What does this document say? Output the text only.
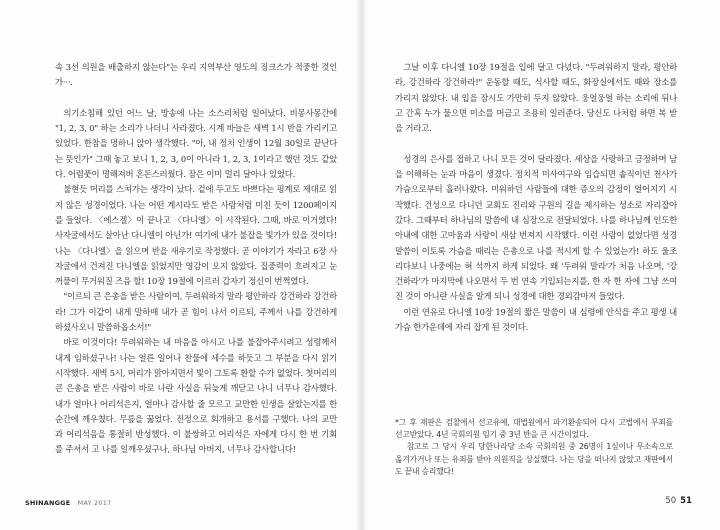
속 3선 의원을 배출하지 않는다"는 우리 지역부산 영도의 징크스가 적중한 것인가···.

의기소침해 있던 어느 날, 방송에 나는 소스리처럼 일어났다. 비몽사몽간에 "1, 2, 3, 0" 하는 소리가 나더니 사라졌다. 시계 바늘은 새벽 1시 반을 가리키고 있었다. 한참을 멍하니 앉아 생각했다. "아, 내 정치 인생이 12월 30일로 끝난다는 뜻인가" 그때 놓고 보니 1, 2, 3, 0이 아니라 1, 2, 3, 1이라고 했던 것도 같았다. 어렴풋이 명해져버 혼돈스러웠다. 잠은 이미 멀리 달아나 있었다.

불현듯 머리를 스쳐가는 생각이 났다. 겉에 두고도 바쁘다는 핑계로 제대로 읽지 않은 성경이었다. 나는 어떤 계시라도 받은 사람처럼 미친 듯이 1200페이지를 들었다. 〈에스겔〉이 끝나고 〈다니엘〉이 시작된다. 그때, 바로 이거였다! 사자굴에서도 살아난 다니엘이 아닌가! 여기에 내가 불잡을 빛가가 있을 것이다! 나는 〈다니엘〉을 읽으며 반을 새우기로 작정했다. 곧 이야기가 자라고 6장 사자굴에서 건져진 다니엘을 읽었지만 영감이 오지 않았다. 집중력이 흐려지고 눈꺼풀이 무거워질 즈음 할! 10장 19절에 이르러 갑자기 정신이 번쩍였다.

"이르되 큰 은총을 받은 사람이여, 두려워하지 말라 평안하라 강건하라 강건하라! 그가 이같이 내게 말하매 내가 곧 힘이 나서 이르되, 주께서 나를 강건하게 하셨사오니 말씀하옵소서!"

바로 이것이다! 두려워하는 내 마음을 아시고 나를 불잡아주시려고 성령께서 내게 임하셨구나! 나는 얼른 일어나 찬물에 세수를 하듯고 그 부분을 다시 읽기 시작했다. 새벽 5시, 머리가 맑아지면서 빛이 그토록 환할 수가 없었다. 첫머리의 큰 은총을 받은 사람이 바로 나란 사실을 뒤늦게 깨닫고 나니 너무나 감사했다. 내가 얼마나 어리석은지, 얼마나 감사할 줄 모르고 교만한 인생을 살았는지를 한순간에 깨우쳤다. 무릎을 꿇었다. 진정으로 회개하고 용서를 구했다. 나의 교만과 어리석음을 통절히 반성했다. 이 불쌍하고 어리석은 자에게 다시 한 번 기회를 주셔서 고 나를 일깨우셨구나, 하나님 아버지, 너무나 감사합니다!

SHINANGGE MAY 2017

그날 이후 다니엘 10장 19절을 입에 달고 다녔다. "두려워하지 말라, 평안하라, 강건하라 강건하라!" 운동할 때도, 식사할 때도, 화장실에서도 때와 장소를 가리지 않았다. 내 입을 잠시도 가만히 두지 않았다. 웅얼웅얼 하는 소리에 뒤나고 간혹 누가 물으면 미소를 머금고 조용히 일러준다. 당신도 나처럼 하면 복 받을 거라고.

성경의 은사를 접하고 나니 모든 것이 달라졌다. 세상을 사랑하고 긍정하며 남을 이해하는 눈과 마음이 생겼다. 정치적 미사여구와 임습되면 솥직이던 천사가 가슴으로부터 흘러나왔다. 미워하던 사람들에 대한 증오의 감정이 얼어지기 시작했다. 건성으로 다니던 교회도 진리와 구원의 길을 제시하는 성소로 자리잡아갔다. 그때부터 하나님의 말씀에 내 심장으로 전달되었다. 나를 하나님께 인도한 아내에 대한 고마움과 사랑이 새삼 번져지 시작했다. 이런 사람이 없었다면 성경 말씀이 이토록 가슴을 때리는 은총으로 나를 적시게 할 수 있었는가! 하도 울조리다보니 나중에는 혀 석까지 하게 되었다. 왜 '두려워 말라'가 처음 나오며, '강건하라'가 마지막에 나오면서 두 번 연속 기입되는지를, 한 자 한 자에 그냥 쓰여진 것이 아니란 사실을 알게 되니 성경에 대한 경외감마저 들었다.

이런 연유로 다니엘 10장 19절의 짧은 말씀이 내 심령에 안식을 주고 평생 내 가슴 한가운데에 자리 잡게 된 것이다.

*그 후 재판은 검찰에서 선고유예, 대법원에서 파기환송되어 다시 고법에서 무죄를 선고받았다. 4년 국회의원 임기 중 3년 반을 큰 시간이었다.

참고로 그 당시 우리 당한나라당 소속 국회의원 중 26명이 1심이나 무소속으로 옮겨가거나 또는 유죄를 받아 의원직을 상실했다. 나는 당을 떠나지 않았고 재판에서도 끝내 승리했다!

50 51
